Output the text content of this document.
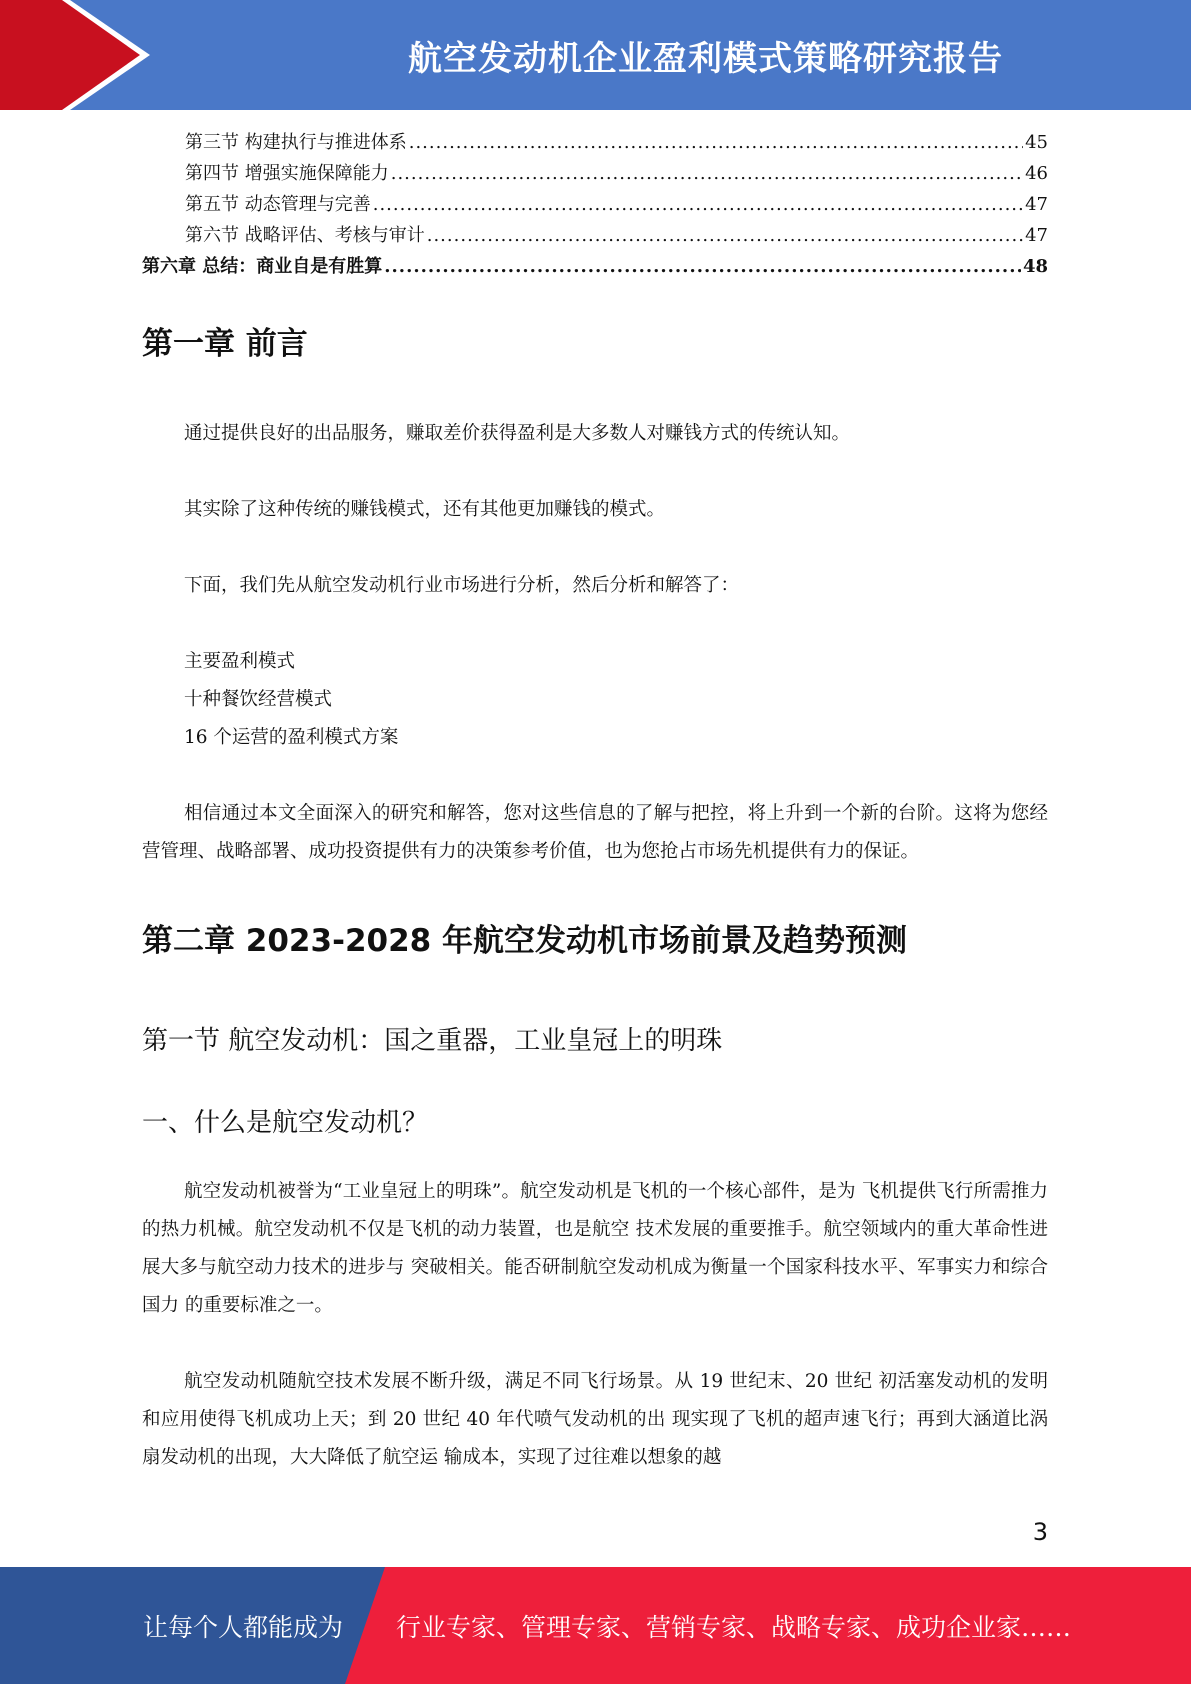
航空发动机企业盈利模式策略研究报告
第三节 构建执行与推进体系 .....	45
第四节 增强实施保障能力 .....	46
第五节 动态管理与完善 .....	47
第六节 战略评估、考核与审计 .....	47
第六章 总结：商业自是有胜算 .....	48
第一章 前言

通过提供良好的出品服务，赚取差价获得盈利是大多数人对赚钱方式的传统认知。

其实除了这种传统的赚钱模式，还有其他更加赚钱的模式。

下面，我们先从航空发动机行业市场进行分析，然后分析和解答了：

主要盈利模式

十种餐饮经营模式

16 个运营的盈利模式方案

相信通过本文全面深入的研究和解答，您对这些信息的了解与把控，将上升到一个新的台阶。这将为您经营管理、战略部署、成功投资提供有力的决策参考价值，也为您抢占市场先机提供有力的保证。

第二章 2023-2028 年航空发动机市场前景及趋势预测
第一节 航空发动机：国之重器，工业皇冠上的明珠
一、什么是航空发动机？

航空发动机被誉为“工业皇冠上的明珠”。航空发动机是飞机的一个核心部件，是为 飞机提供飞行所需推力的热力机械。航空发动机不仅是飞机的动力装置，也是航空 技术发展的重要推手。航空领域内的重大革命性进展大多与航空动力技术的进步与 突破相关。能否研制航空发动机成为衡量一个国家科技水平、军事实力和综合国力 的重要标准之一。

航空发动机随航空技术发展不断升级，满足不同飞行场景。从 19 世纪末、20 世纪 初活塞发动机的发明和应用使得飞机成功上天；到 20 世纪 40 年代喷气发动机的出 现实现了飞机的超声速飞行；再到大涵道比涡扇发动机的出现，大大降低了航空运 输成本，实现了过往难以想象的越

3
让每个人都能成为 行业专家、管理专家、营销专家、战略专家、成功企业家……
